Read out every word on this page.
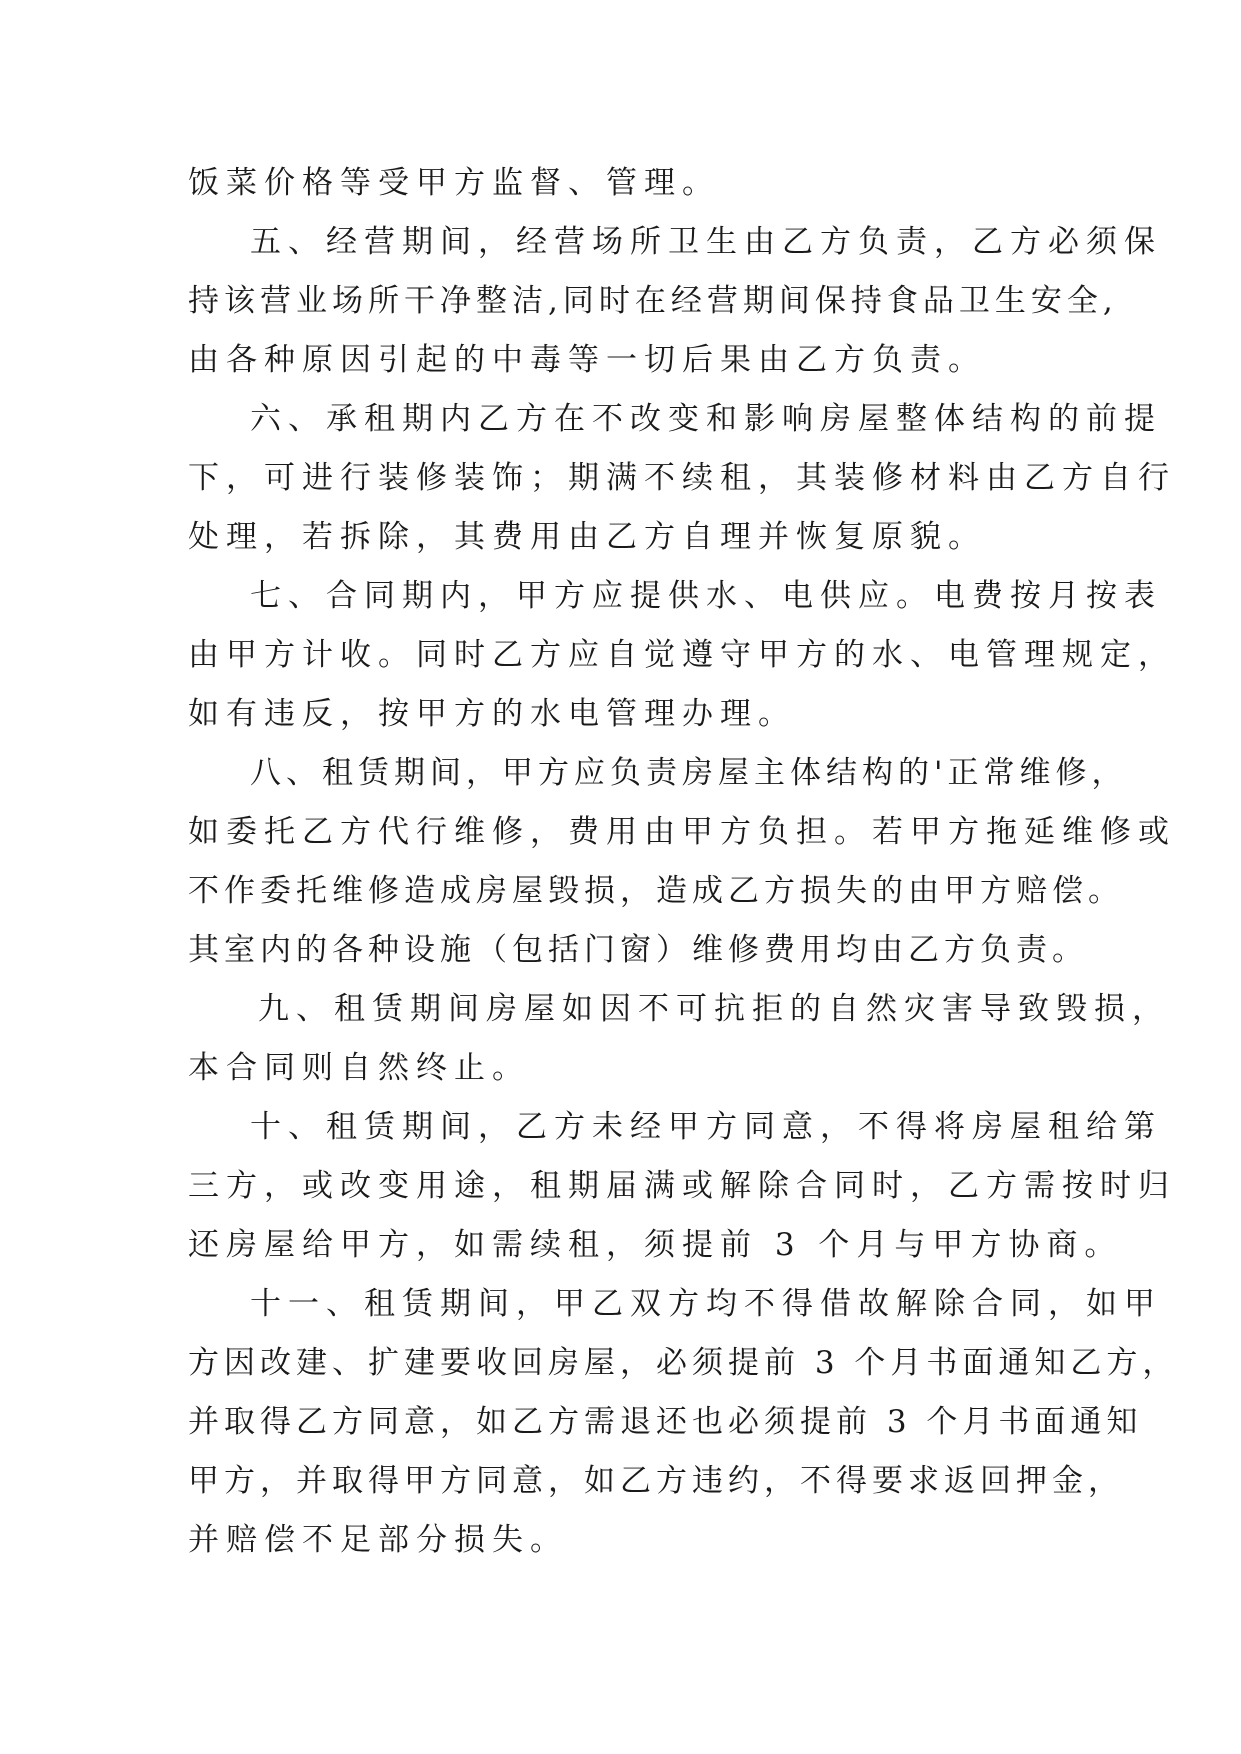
饭菜价格等受甲方监督、管理。

五、经营期间，经营场所卫生由乙方负责，乙方必须保

持该营业场所干净整洁,同时在经营期间保持食品卫生安全,

由各种原因引起的中毒等一切后果由乙方负责。

六、承租期内乙方在不改变和影响房屋整体结构的前提

下，可进行装修装饰；期满不续租，其装修材料由乙方自行

处理，若拆除，其费用由乙方自理并恢复原貌。

七、合同期内，甲方应提供水、电供应。电费按月按表

由甲方计收。同时乙方应自觉遵守甲方的水、电管理规定，

如有违反，按甲方的水电管理办理。

八、租赁期间，甲方应负责房屋主体结构的'正常维修，

如委托乙方代行维修，费用由甲方负担。若甲方拖延维修或

不作委托维修造成房屋毁损，造成乙方损失的由甲方赔偿。

其室内的各种设施（包括门窗）维修费用均由乙方负责。

九、租赁期间房屋如因不可抗拒的自然灾害导致毁损，

本合同则自然终止。

十、租赁期间，乙方未经甲方同意，不得将房屋租给第

三方，或改变用途，租期届满或解除合同时，乙方需按时归

还房屋给甲方，如需续租，须提前 3 个月与甲方协商。

十一、租赁期间，甲乙双方均不得借故解除合同，如甲

方因改建、扩建要收回房屋，必须提前 3 个月书面通知乙方，

并取得乙方同意，如乙方需退还也必须提前 3 个月书面通知

甲方，并取得甲方同意，如乙方违约，不得要求返回押金，

并赔偿不足部分损失。
